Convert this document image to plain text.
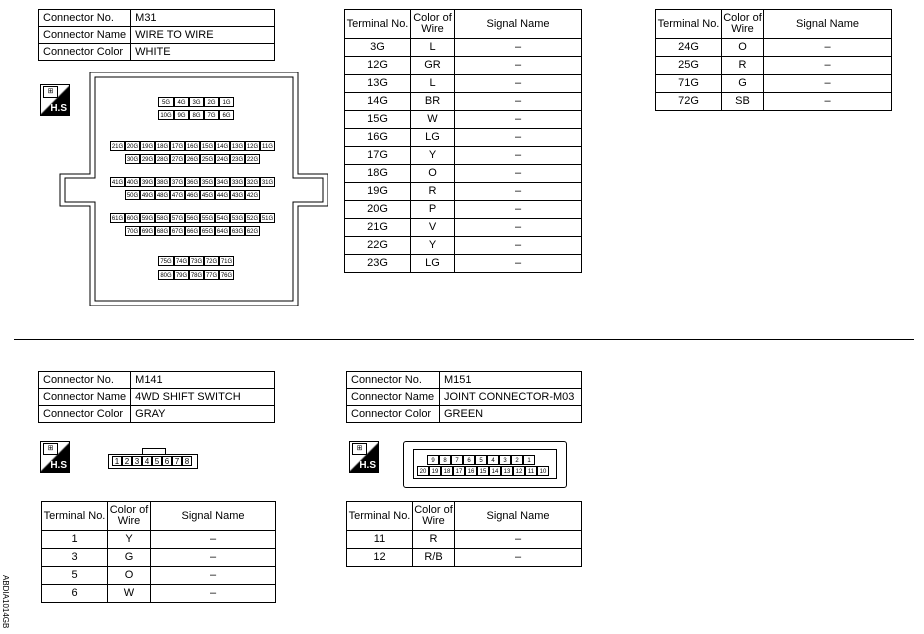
Connector No.	M31
Connector Name	WIRE TO WIRE
Connector Color	WHITE
⊞
H.S	5G	4G	3G	2G	1G
10G 9G	8G	7G	6G
21G 20G 19G 18G 17G 16G 15G 14G 13G 12G 11G
30G 29G 28G 27G 26G 25G 24G 23G 22G
41G 40G 39G 38G 37G 36G 35G 34G 33G 32G 31G
50G 49G 48G 47G 46G 45G 44G 43G 42G
61G 60G 59G 58G 57G 56G 55G 54G 53G 52G 51G
70G 69G 68G 67G 66G 65G 64G 63G 62G
75G 74G 73G 72G 71G
80G 79G 78G 77G 76G
Terminal No.	Color of Wire	Signal Name
3G	L	–
12G	GR	–
13G	L	–
14G	BR	–
15G	W	–
16G	LG	–
17G	Y	–
18G	O	–
19G	R	–
20G	P	–
21G	V	–
22G	Y	–
23G	LG	–
Terminal No.	Color of Wire	Signal Name
24G	O	–
25G	R	–
71G	G	–
72G	SB	–
Connector No.	M141
Connector Name	4WD SHIFT SWITCH
Connector Color	GRAY
⊞
H.S	1 2 3 4 5 6 7 8
Terminal No.	Color of Wire	Signal Name
1	Y	–
3	G	–
5	O	–
6	W	–
Connector No.	M151
Connector Name	JOINT CONNECTOR-M03
Connector Color	GREEN
⊞
H.S	9	8	7	6	5	4	3	2	1
20 19 18 17 16 15 14 13 12 11 10
Terminal No.	Color of Wire	Signal Name
11	R	–
12	R/B	–
ABDIA1014GB
